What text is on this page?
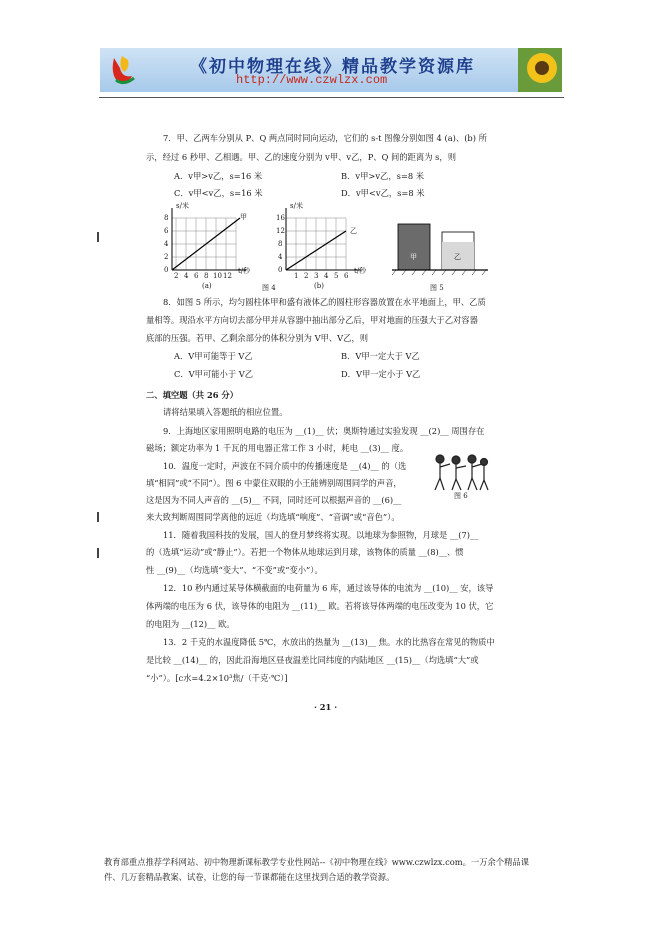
《初中物理在线》精品教学资源库
http://www.czwlzx.com
7．甲、乙两车分别从 P、Q 两点同时同向运动，它们的 s-t 图像分别如图 4 (a)、(b) 所
示，经过 6 秒甲、乙相遇。甲、乙的速度分别为 v甲、v乙，P、Q 间的距离为 s，则
A．v甲>v乙，s=16 米	B．v甲>v乙，s=8 米
C．v甲<v乙，s=16 米	D．v甲<v乙，s=8 米
s/米
甲
8
6
4
2
0
2 4 6 8 10 12
t/秒
(a)
s/米
乙
16
12
8
4
0
1 2 3 4 5 6
t/秒
(b)
图 4
甲	乙
图 5
8．如图 5 所示，均匀圆柱体甲和盛有液体乙的圆柱形容器放置在水平地面上，甲、乙质
量相等。现沿水平方向切去部分甲并从容器中抽出部分乙后，甲对地面的压强大于乙对容器
底部的压强。若甲、乙剩余部分的体积分别为 V甲、V乙，则
A．V甲可能等于 V乙	B．V甲一定大于 V乙
C．V甲可能小于 V乙	D．V甲一定小于 V乙
二、填空题（共 26 分）
请将结果填入答题纸的相应位置。
9．上海地区家用照明电路的电压为 __(1)__ 伏；奥斯特通过实验发现 __(2)__ 周围存在
磁场；额定功率为 1 千瓦的用电器正常工作 3 小时，耗电 __(3)__ 度。
10．温度一定时，声波在不同介质中的传播速度是 __(4)__ 的（选
填“相同”或“不同”）。图 6 中蒙住双眼的小王能辨别周围同学的声音，
这是因为不同人声音的 __(5)__ 不同，同时还可以根据声音的 __(6)__
来大致判断周围同学离他的远近（均选填“响度”、“音调”或“音色”）。
图 6
11．随着我国科技的发展，国人的登月梦终将实现。以地球为参照物，月球是 __(7)__
的（选填“运动”或“静止”）。若把一个物体从地球运到月球，该物体的质量 __(8)__、惯
性 __(9)__（均选填“变大”、“不变”或“变小”）。
12．10 秒内通过某导体横截面的电荷量为 6 库，通过该导体的电流为 __(10)__ 安，该导
体两端的电压为 6 伏，该导体的电阻为 __(11)__ 欧。若将该导体两端的电压改变为 10 伏，它
的电阻为 __(12)__ 欧。
13．2 千克的水温度降低 5℃，水放出的热量为 __(13)__ 焦。水的比热容在常见的物质中
是比较 __(14)__ 的，因此沿海地区昼夜温差比同纬度的内陆地区 __(15)__（均选填“大”或
“小”）。[c水=4.2×10³焦/（千克·℃）]
· 21 ·
教育部重点推荐学科网站、初中物理新课标教学专业性网站--《初中物理在线》www.czwlzx.com。一万余个精品课
件、几万套精品教案、试卷，让您的每一节课都能在这里找到合适的教学资源。
